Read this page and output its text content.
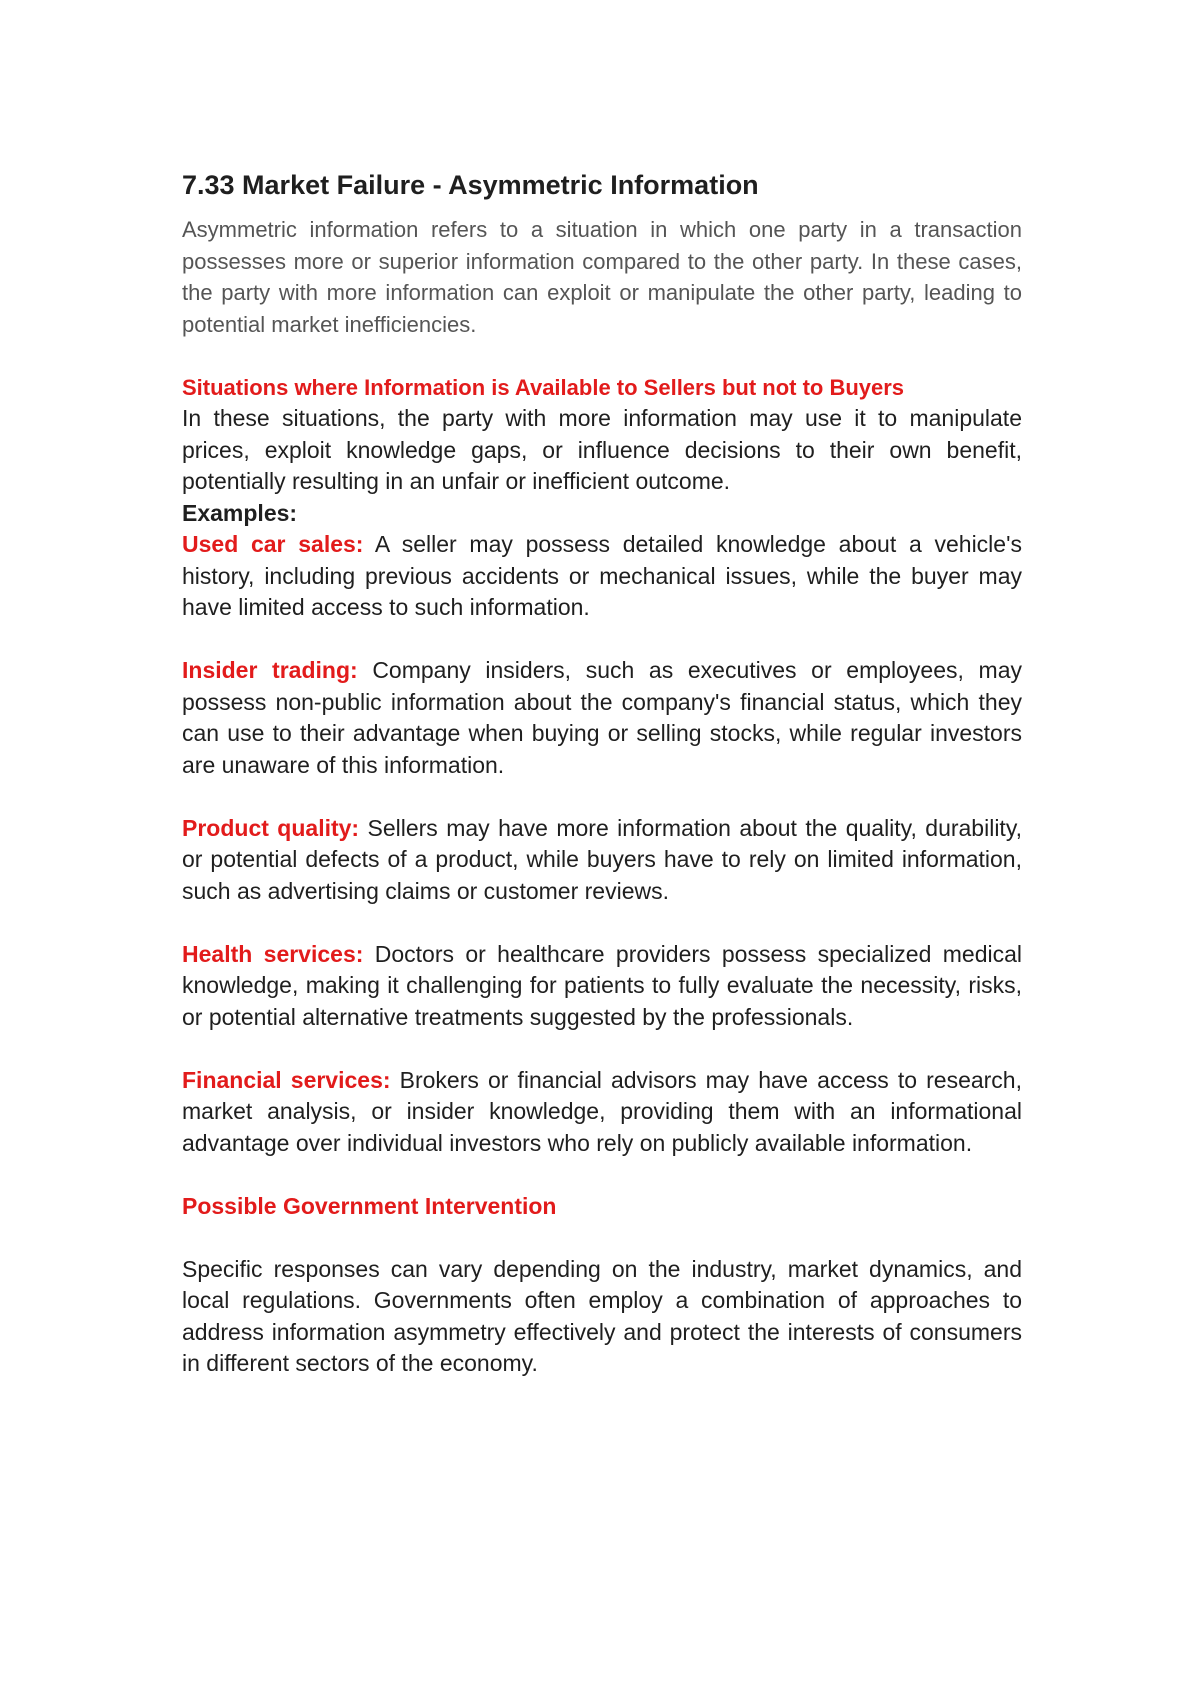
7.33 Market Failure - Asymmetric Information

Asymmetric information refers to a situation in which one party in a transaction possesses more or superior information compared to the other party. In these cases, the party with more information can exploit or manipulate the other party, leading to potential market inefficiencies.

Situations where Information is Available to Sellers but not to Buyers

In these situations, the party with more information may use it to manipulate prices, exploit knowledge gaps, or influence decisions to their own benefit, potentially resulting in an unfair or inefficient outcome.

Examples:

Used car sales: A seller may possess detailed knowledge about a vehicle's history, including previous accidents or mechanical issues, while the buyer may have limited access to such information.

Insider trading: Company insiders, such as executives or employees, may possess non-public information about the company's financial status, which they can use to their advantage when buying or selling stocks, while regular investors are unaware of this information.

Product quality: Sellers may have more information about the quality, durability, or potential defects of a product, while buyers have to rely on limited information, such as advertising claims or customer reviews.

Health services: Doctors or healthcare providers possess specialized medical knowledge, making it challenging for patients to fully evaluate the necessity, risks, or potential alternative treatments suggested by the professionals.

Financial services: Brokers or financial advisors may have access to research, market analysis, or insider knowledge, providing them with an informational advantage over individual investors who rely on publicly available information.

Possible Government Intervention

Specific responses can vary depending on the industry, market dynamics, and local regulations. Governments often employ a combination of approaches to address information asymmetry effectively and protect the interests of consumers in different sectors of the economy.
